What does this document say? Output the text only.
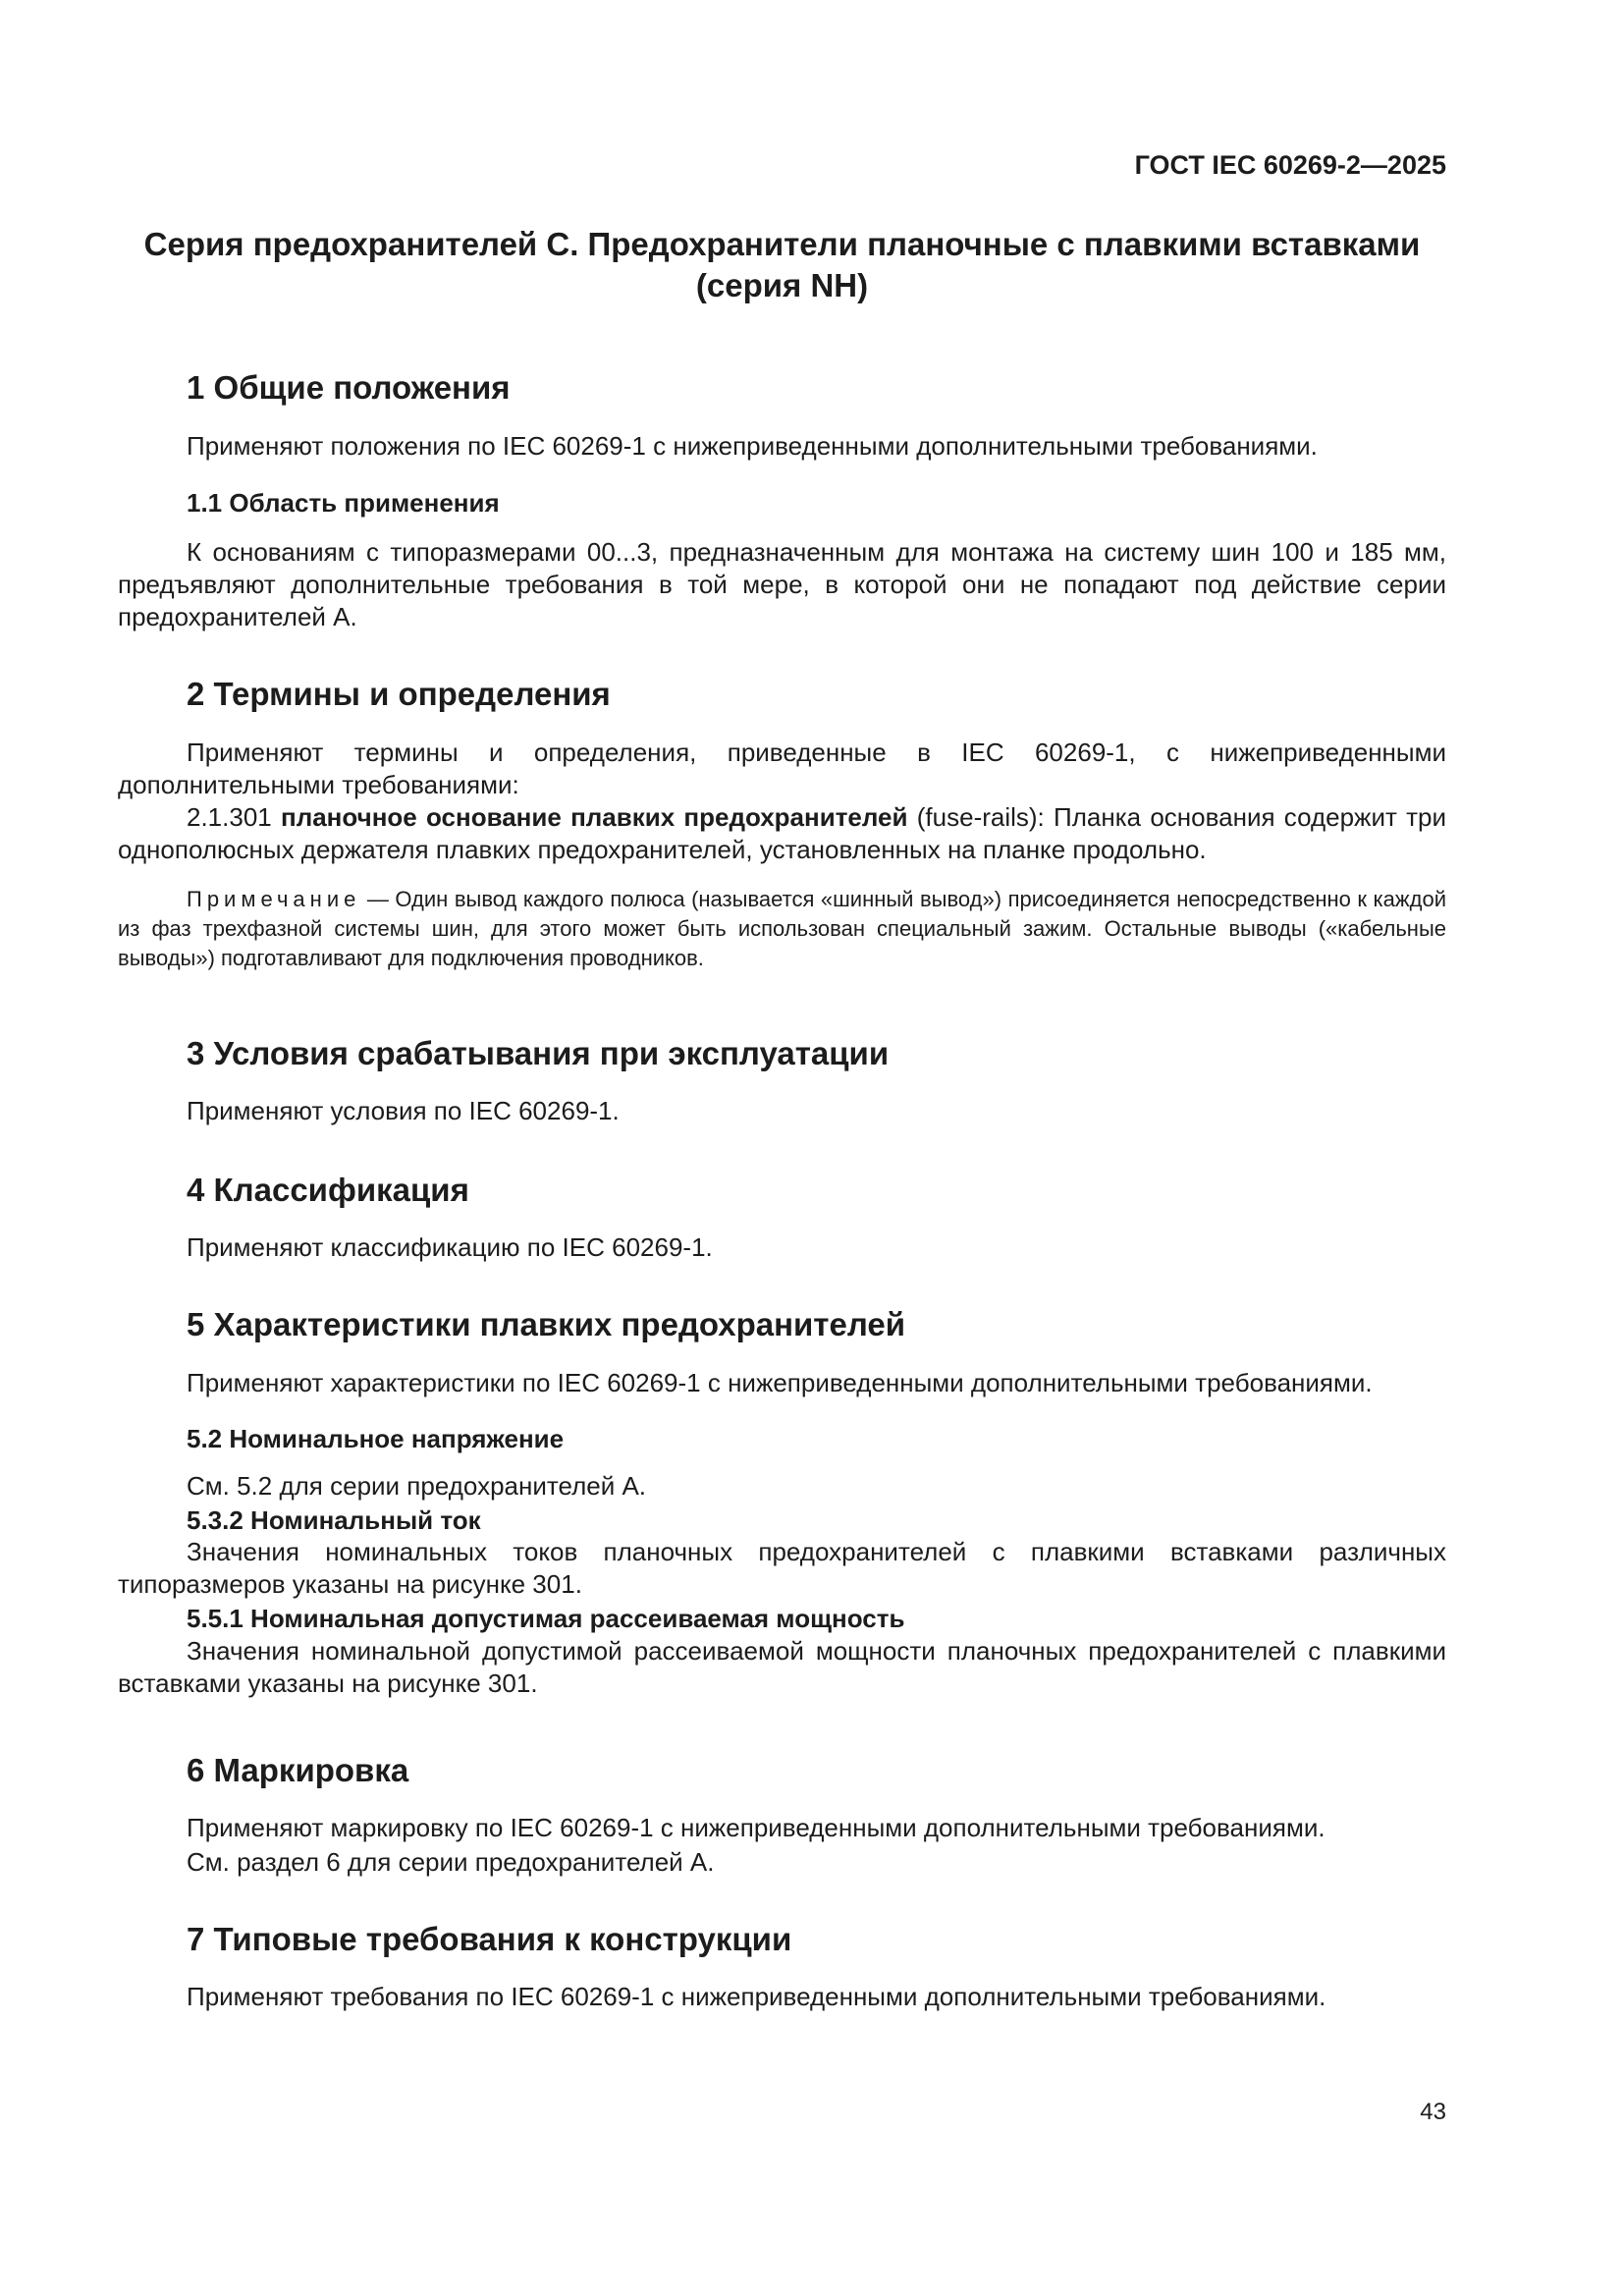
ГОСТ IEC 60269-2—2025
Серия предохранителей C. Предохранители планочные с плавкими вставками (серия NH)
1 Общие положения
Применяют положения по IEC 60269-1 с нижеприведенными дополнительными требованиями.
1.1 Область применения
К основаниям с типоразмерами 00...3, предназначенным для монтажа на систему шин 100 и 185 мм, предъявляют дополнительные требования в той мере, в которой они не попадают под действие серии предохранителей А.
2 Термины и определения
Применяют термины и определения, приведенные в IEC 60269-1, с нижеприведенными дополнительными требованиями:
2.1.301 планочное основание плавких предохранителей (fuse-rails): Планка основания содержит три однополюсных держателя плавких предохранителей, установленных на планке продольно.
Примечание — Один вывод каждого полюса (называется «шинный вывод») присоединяется непосредственно к каждой из фаз трехфазной системы шин, для этого может быть использован специальный зажим. Остальные выводы («кабельные выводы») подготавливают для подключения проводников.
3 Условия срабатывания при эксплуатации
Применяют условия по IEC 60269-1.
4 Классификация
Применяют классификацию по IEC 60269-1.
5 Характеристики плавких предохранителей
Применяют характеристики по IEC 60269-1 с нижеприведенными дополнительными требованиями.
5.2 Номинальное напряжение
См. 5.2 для серии предохранителей А.
5.3.2 Номинальный ток
Значения номинальных токов планочных предохранителей с плавкими вставками различных типоразмеров указаны на рисунке 301.
5.5.1 Номинальная допустимая рассеиваемая мощность
Значения номинальной допустимой рассеиваемой мощности планочных предохранителей с плавкими вставками указаны на рисунке 301.
6 Маркировка
Применяют маркировку по IEC 60269-1 с нижеприведенными дополнительными требованиями.
См. раздел 6 для серии предохранителей А.
7 Типовые требования к конструкции
Применяют требования по IEC 60269-1 с нижеприведенными дополнительными требованиями.
43
